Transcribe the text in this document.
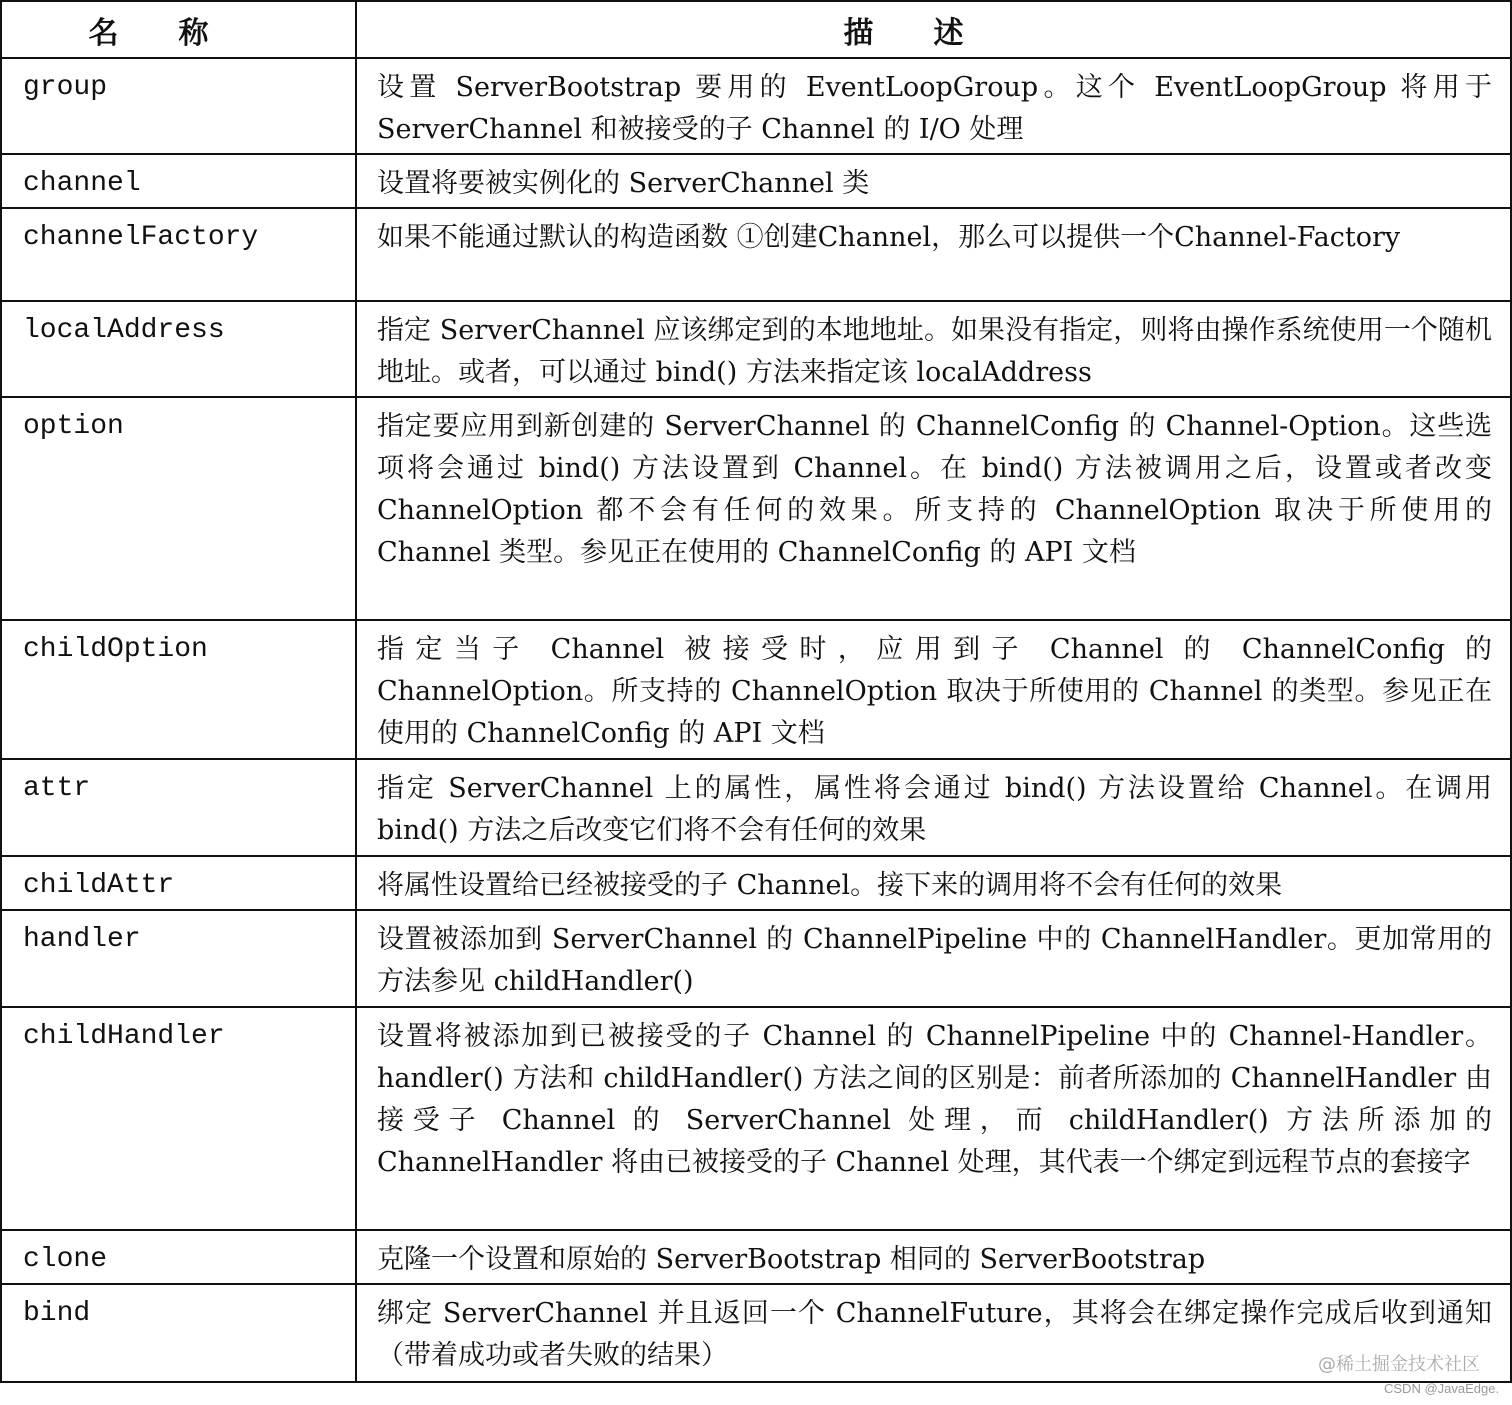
名称	描述
group	设置 ServerBootstrap 要用的 EventLoopGroup。这个 EventLoopGroup 将用于 ServerChannel 和被接受的子 Channel 的 I/O 处理
channel	设置将要被实例化的 ServerChannel 类
channelFactory	如果不能通过默认的构造函数 ①创建Channel，那么可以提供一个Channel-Factory
localAddress	指定 ServerChannel 应该绑定到的本地地址。如果没有指定，则将由操作系统使用一个随机地址。或者，可以通过 bind() 方法来指定该 localAddress
option	指定要应用到新创建的 ServerChannel 的 ChannelConfig 的 Channel-Option。这些选项将会通过 bind() 方法设置到 Channel。在 bind() 方法被调用之后，设置或者改变 ChannelOption 都不会有任何的效果。所支持的 ChannelOption 取决于所使用的 Channel 类型。参见正在使用的 ChannelConfig 的 API 文档
childOption	指定当子 Channel 被接受时，应用到子 Channel 的 ChannelConfig 的 ChannelOption。所支持的 ChannelOption 取决于所使用的 Channel 的类型。参见正在使用的 ChannelConfig 的 API 文档
attr	指定 ServerChannel 上的属性，属性将会通过 bind() 方法设置给 Channel。在调用 bind() 方法之后改变它们将不会有任何的效果
childAttr	将属性设置给已经被接受的子 Channel。接下来的调用将不会有任何的效果
handler	设置被添加到 ServerChannel 的 ChannelPipeline 中的 ChannelHandler。更加常用的方法参见 childHandler()
childHandler	设置将被添加到已被接受的子 Channel 的 ChannelPipeline 中的 Channel-Handler。handler() 方法和 childHandler() 方法之间的区别是：前者所添加的 ChannelHandler 由接受子 Channel 的 ServerChannel 处理，而 childHandler() 方法所添加的 ChannelHandler 将由已被接受的子 Channel 处理，其代表一个绑定到远程节点的套接字
clone	克隆一个设置和原始的 ServerBootstrap 相同的 ServerBootstrap
bind	绑定 ServerChannel 并且返回一个 ChannelFuture，其将会在绑定操作完成后收到通知（带着成功或者失败的结果）	@稀土掘金技术社区
CSDN @JavaEdge.
